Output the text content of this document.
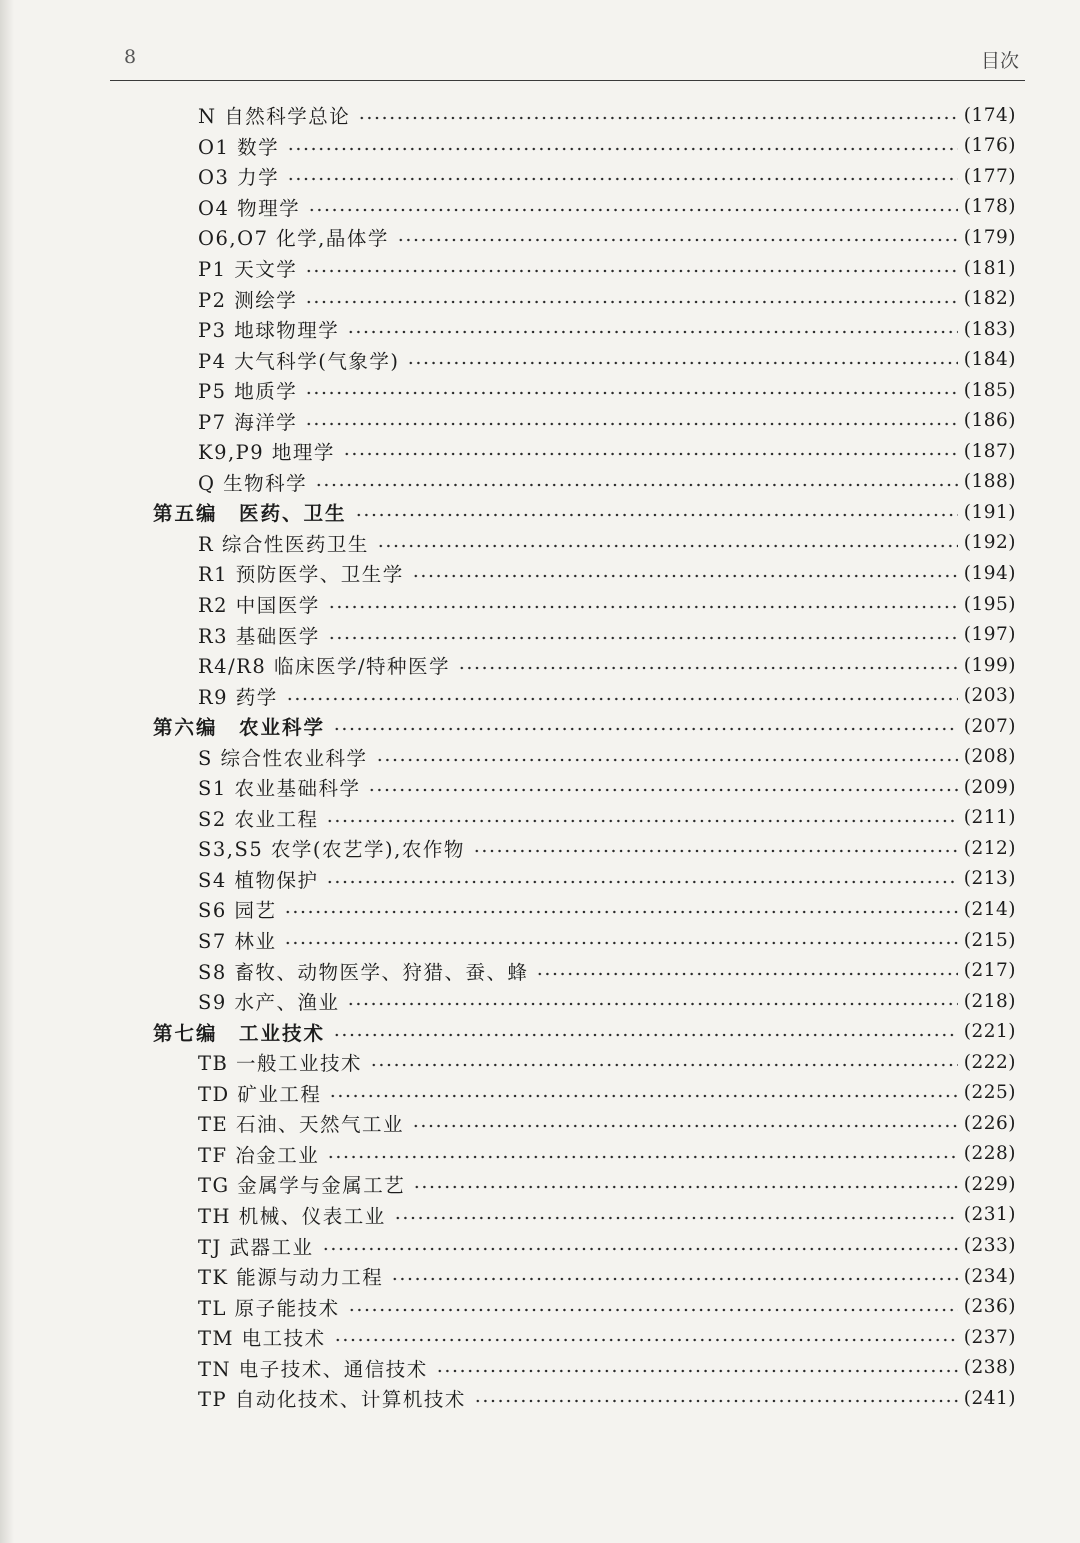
8	目次
N 自然科学总论	(174)
O1 数学	(176)
O3 力学	(177)
O4 物理学	(178)
O6,O7 化学,晶体学	(179)
P1 天文学	(181)
P2 测绘学	(182)
P3 地球物理学	(183)
P4 大气科学(气象学)	(184)
P5 地质学	(185)
P7 海洋学	(186)
K9,P9 地理学	(187)
Q 生物科学	(188)
第五编　医药、卫生	(191)
R 综合性医药卫生	(192)
R1 预防医学、卫生学	(194)
R2 中国医学	(195)
R3 基础医学	(197)
R4/R8 临床医学/特种医学	(199)
R9 药学	(203)
第六编　农业科学	(207)
S 综合性农业科学	(208)
S1 农业基础科学	(209)
S2 农业工程	(211)
S3,S5 农学(农艺学),农作物	(212)
S4 植物保护	(213)
S6 园艺	(214)
S7 林业	(215)
S8 畜牧、动物医学、狩猎、蚕、蜂	(217)
S9 水产、渔业	(218)
第七编　工业技术	(221)
TB 一般工业技术	(222)
TD 矿业工程	(225)
TE 石油、天然气工业	(226)
TF 冶金工业	(228)
TG 金属学与金属工艺	(229)
TH 机械、仪表工业	(231)
TJ 武器工业	(233)
TK 能源与动力工程	(234)
TL 原子能技术	(236)
TM 电工技术	(237)
TN 电子技术、通信技术	(238)
TP 自动化技术、计算机技术	(241)
